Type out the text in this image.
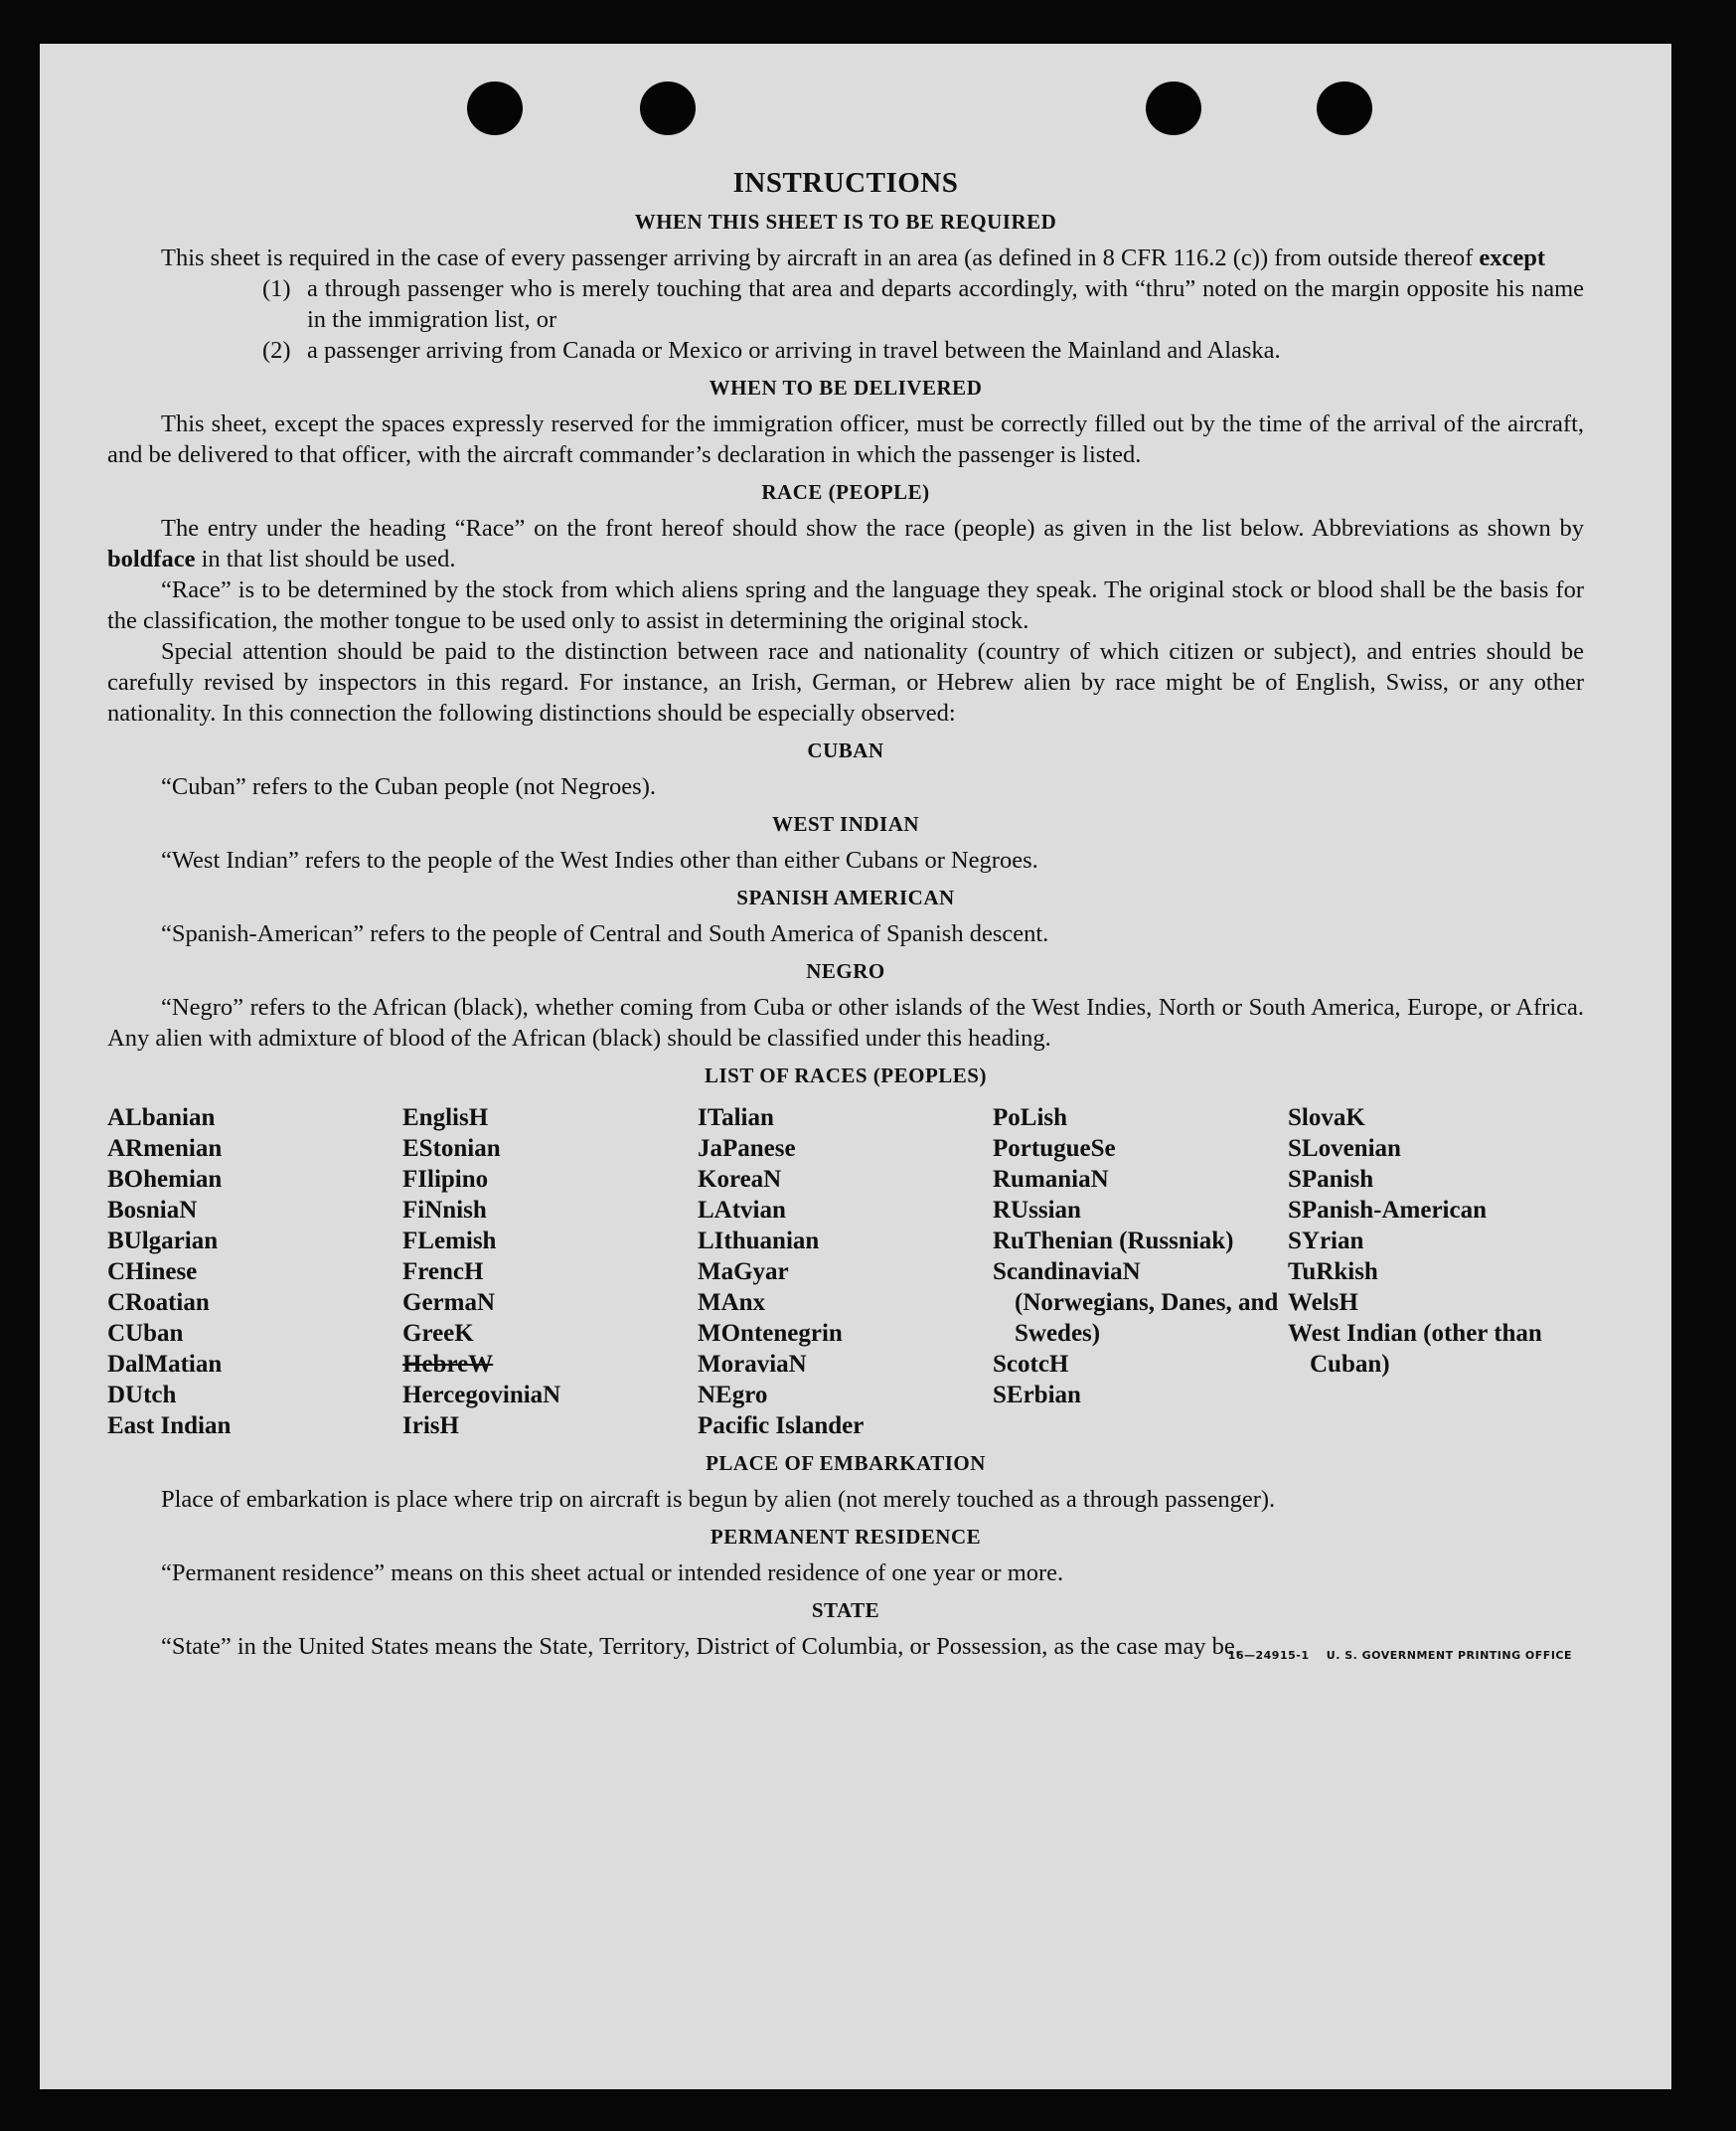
INSTRUCTIONS
WHEN THIS SHEET IS TO BE REQUIRED

This sheet is required in the case of every passenger arriving by aircraft in an area (as defined in 8 CFR 116.2 (c)) from outside thereof except

(1) a through passenger who is merely touching that area and departs accordingly, with “thru” noted on the margin opposite his name in the immigration list, or
(2) a passenger arriving from Canada or Mexico or arriving in travel between the Mainland and Alaska.
WHEN TO BE DELIVERED

This sheet, except the spaces expressly reserved for the immigration officer, must be correctly filled out by the time of the arrival of the aircraft, and be delivered to that officer, with the aircraft commander’s declaration in which the passenger is listed.

RACE (PEOPLE)

The entry under the heading “Race” on the front hereof should show the race (people) as given in the list below. Abbreviations as shown by boldface in that list should be used.

“Race” is to be determined by the stock from which aliens spring and the language they speak. The original stock or blood shall be the basis for the classification, the mother tongue to be used only to assist in determining the original stock.

Special attention should be paid to the distinction between race and nationality (country of which citizen or subject), and entries should be carefully revised by inspectors in this regard. For instance, an Irish, German, or Hebrew alien by race might be of English, Swiss, or any other nationality. In this connection the following distinctions should be especially observed:

CUBAN

“Cuban” refers to the Cuban people (not Negroes).

WEST INDIAN

“West Indian” refers to the people of the West Indies other than either Cubans or Negroes.

SPANISH AMERICAN

“Spanish-American” refers to the people of Central and South America of Spanish descent.

NEGRO

“Negro” refers to the African (black), whether coming from Cuba or other islands of the West Indies, North or South America, Europe, or Africa. Any alien with admixture of blood of the African (black) should be classified under this heading.

LIST OF RACES (PEOPLES)
ALbanian
ARmenian
BOhemian
BosniaN
BUlgarian
CHinese
CRoatian
CUban
DalMatian
DUtch
East Indian
EnglisH
EStonian
FIlipino
FiNnish
FLemish
FrencH
GermaN
GreeK
HebreW
HercegoviniaN
IrisH
ITalian
JaPanese
KoreaN
LAtvian
LIthuanian
MaGyar
MAnx
MOntenegrin
MoraviaN
NEgro
Pacific Islander
PoLish
PortugueSe
RumaniaN
RUssian
RuThenian (Russniak)
ScandinaviaN (Norwegians, Danes, and Swedes)
ScotcH
SErbian
SlovaK
SLovenian
SPanish
SPanish-American
SYrian
TuRkish
WelsH
West Indian (other than Cuban)
PLACE OF EMBARKATION

Place of embarkation is place where trip on aircraft is begun by alien (not merely touched as a through passenger).

PERMANENT RESIDENCE

“Permanent residence” means on this sheet actual or intended residence of one year or more.

STATE

“State” in the United States means the State, Territory, District of Columbia, or Possession, as the case may be.

16—24915-1    U. S. GOVERNMENT PRINTING OFFICE
